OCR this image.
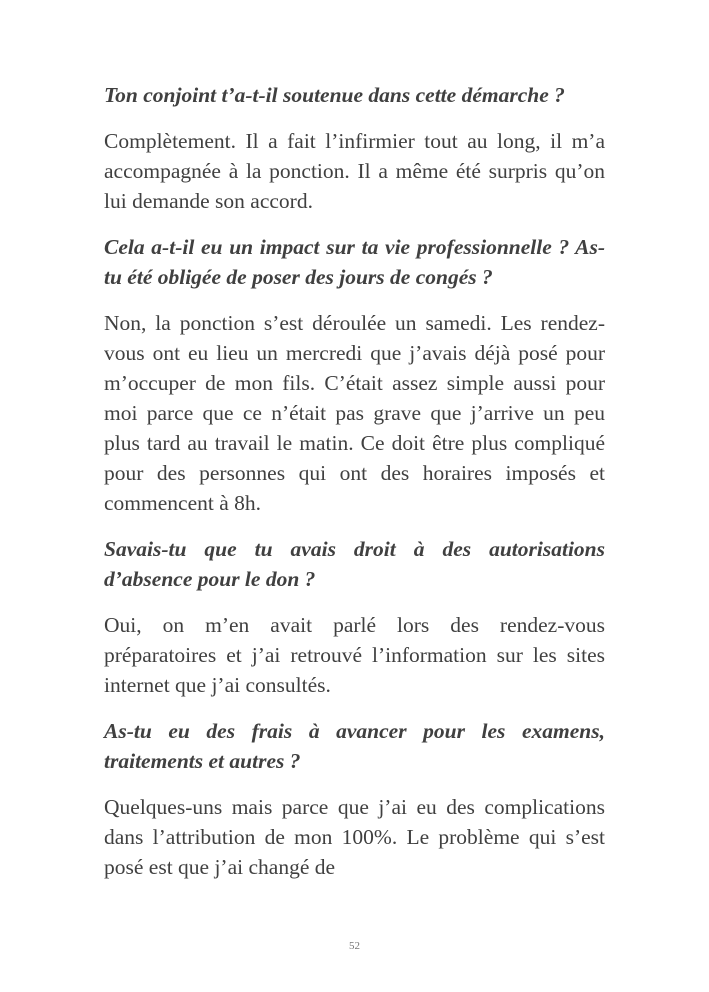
Ton conjoint t’a-t-il soutenue dans cette démarche ?

Complètement. Il a fait l’infirmier tout au long, il m’a accompagnée à la ponction. Il a même été surpris qu’on lui demande son accord.

Cela a-t-il eu un impact sur ta vie professionnelle ? As-tu été obligée de poser des jours de congés ?

Non, la ponction s’est déroulée un samedi. Les rendez-vous ont eu lieu un mercredi que j’avais déjà posé pour m’occuper de mon fils. C’était assez simple aussi pour moi parce que ce n’était pas grave que j’arrive un peu plus tard au travail le matin. Ce doit être plus compliqué pour des personnes qui ont des horaires imposés et commencent à 8h.

Savais-tu que tu avais droit à des autorisations d’absence pour le don ?

Oui, on m’en avait parlé lors des rendez-vous préparatoires et j’ai retrouvé l’information sur les sites internet que j’ai consultés.

As-tu eu des frais à avancer pour les examens, traitements et autres ?

Quelques-uns mais parce que j’ai eu des complications dans l’attribution de mon 100%. Le problème qui s’est posé est que j’ai changé de

52
